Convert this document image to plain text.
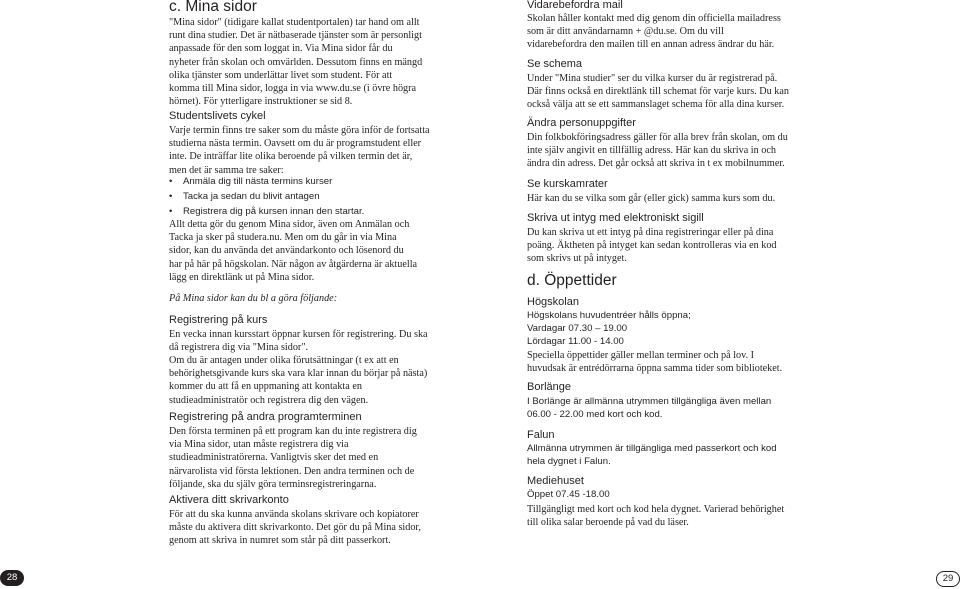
c. Mina sidor

"Mina sidor" (tidigare kallat studentportalen) tar hand om allt runt dina studier. Det är nätbaserade tjänster som är personligt anpassade för den som loggat in. Via Mina sidor får du nyheter från skolan och omvärlden. Dessutom finns en mängd olika tjänster som underlättar livet som student. För att komma till Mina sidor, logga in via www.du.se (i övre högra hörnet). För ytterligare instruktioner se sid 8.

Studentslivets cykel

Varje termin finns tre saker som du måste göra inför de fortsatta studierna nästa termin. Oavsett om du är programstudent eller inte. De inträffar lite olika beroende på vilken termin det är, men det är samma tre saker:

• Anmäla dig till nästa termins kurser
• Tacka ja sedan du blivit antagen
• Registrera dig på kursen innan den startar.

Allt detta gör du genom Mina sidor, även om Anmälan och Tacka ja sker på studera.nu. Men om du går in via Mina sidor, kan du använda det användarkonto och lösenord du har på här på högskolan. När någon av åtgärderna är aktuella lägg en direktlänk ut på Mina sidor.

På Mina sidor kan du bl a göra följande:

Registrering på kurs

En vecka innan kursstart öppnar kursen för registrering. Du ska då registrera dig via "Mina sidor".

Om du är antagen under olika förutsättningar (t ex att en behörighetsgivande kurs ska vara klar innan du börjar på nästa) kommer du att få en uppmaning att kontakta en studieadministratör och registrera dig den vägen.

Registrering på andra programterminen

Den första terminen på ett program kan du inte registrera dig via Mina sidor, utan måste registrera dig via studieadministratörerna. Vanligtvis sker det med en närvarolista vid första lektionen. Den andra terminen och de följande, ska du själv göra terminsregistreringarna.

Aktivera ditt skrivarkonto

För att du ska kunna använda skolans skrivare och kopiatorer måste du aktivera ditt skrivarkonto. Det gör du på Mina sidor, genom att skriva in numret som står på ditt passerkort.

Vidarebefordra mail

Skolan håller kontakt med dig genom din officiella mailadress som är ditt användarnamn + @du.se. Om du vill vidarebefordra den mailen till en annan adress ändrar du här.

Se schema

Under "Mina studier" ser du vilka kurser du är registrerad på. Där finns också en direktlänk till schemat för varje kurs. Du kan också välja att se ett sammanslaget schema för alla dina kurser.

Ändra personuppgifter

Din folkbokföringsadress gäller för alla brev från skolan, om du inte själv angivit en tillfällig adress. Här kan du skriva in och ändra din adress. Det går också att skriva in t ex mobilnummer.

Se kurskamrater

Här kan du se vilka som går (eller gick) samma kurs som du.

Skriva ut intyg med elektroniskt sigill

Du kan skriva ut ett intyg på dina registreringar eller på dina poäng. Äktheten på intyget kan sedan kontrolleras via en kod som skrivs ut på intyget.

d. Öppettider
Högskolan

Högskolans huvudentréer hålls öppna;

Vardagar 07.30 – 19.00

Lördagar 11.00 - 14.00

Speciella öppettider gäller mellan terminer och på lov. I huvudsak är entrédörrarna öppna samma tider som biblioteket.

Borlänge

I Borlänge är allmänna utrymmen tillgängliga även mellan 06.00 - 22.00 med kort och kod.

Falun

Allmänna utrymmen är tillgängliga med passerkort och kod hela dygnet i Falun.

Mediehuset

Öppet 07.45 -18.00

Tillgängligt med kort och kod hela dygnet. Varierad behörighet till olika salar beroende på vad du läser.

28	29
